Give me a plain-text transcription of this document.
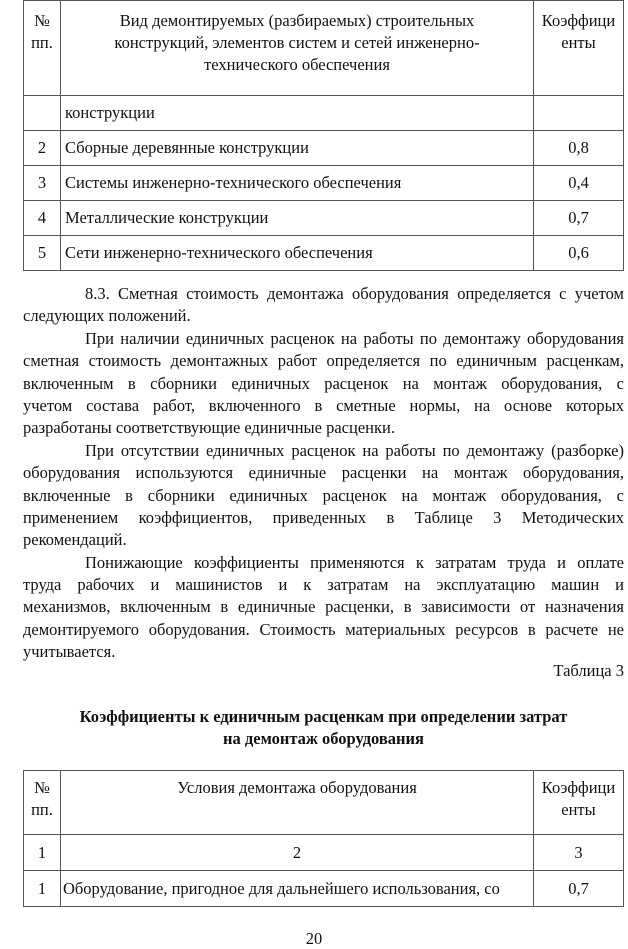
№ пп.	Вид демонтируемых (разбираемых) строительных конструкций, элементов систем и сетей инженерно-технического обеспечения	Коэффици енты
	конструкции	
2	Сборные деревянные конструкции	0,8
3	Системы инженерно-технического обеспечения	0,4
4	Металлические конструкции	0,7
5	Сети инженерно-технического обеспечения	0,6
8.3. Сметная стоимость демонтажа оборудования определяется с учетом
следующих положений.
При наличии единичных расценок на работы по демонтажу оборудования
сметная стоимость демонтажных работ определяется по единичным расценкам,
включенным в сборники единичных расценок на монтаж оборудования, с
учетом состава работ, включенного в сметные нормы, на основе которых
разработаны соответствующие единичные расценки.
При отсутствии единичных расценок на работы по демонтажу (разборке)
оборудования используются единичные расценки на монтаж оборудования,
включенные в сборники единичных расценок на монтаж оборудования, с
применением коэффициентов, приведенных в Таблице 3 Методических
рекомендаций.
Понижающие коэффициенты применяются к затратам труда и оплате
труда рабочих и машинистов и к затратам на эксплуатацию машин и
механизмов, включенным в единичные расценки, в зависимости от назначения
демонтируемого оборудования. Стоимость материальных ресурсов в расчете не
учитывается.
Таблица 3
Коэффициенты к единичным расценкам при определении затрат
на демонтаж оборудования
№ пп.	Условия демонтажа оборудования	Коэффици енты
1	2	3
1	Оборудование, пригодное для дальнейшего использования, со	0,7
20
